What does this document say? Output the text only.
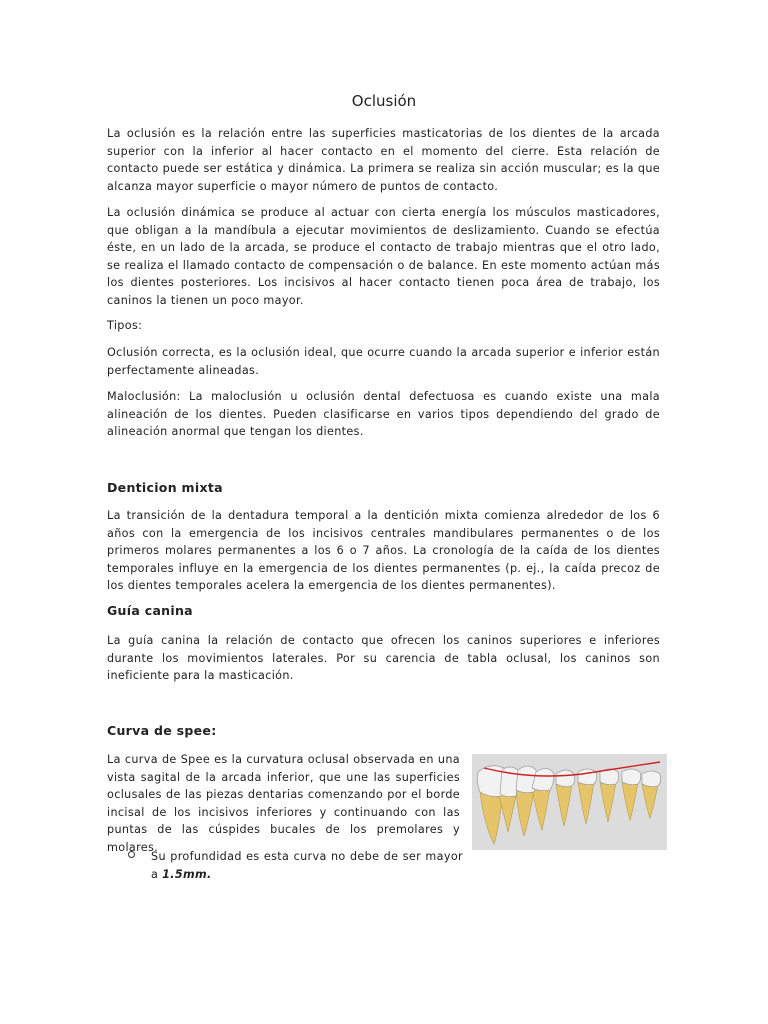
Oclusión

La oclusión es la relación entre las superficies masticatorias de los dientes de la arcada superior con la inferior al hacer contacto en el momento del cierre. Esta relación de contacto puede ser estática y dinámica. La primera se realiza sin acción muscular; es la que alcanza mayor superficie o mayor número de puntos de contacto.

La oclusión dinámica se produce al actuar con cierta energía los músculos masticadores, que obligan a la mandíbula a ejecutar movimientos de deslizamiento. Cuando se efectúa éste, en un lado de la arcada, se produce el contacto de trabajo mientras que el otro lado, se realiza el llamado contacto de compensación o de balance. En este momento actúan más los dientes posteriores. Los incisivos al hacer contacto tienen poca área de trabajo, los caninos la tienen un poco mayor.

Tipos:

Oclusión correcta, es la oclusión ideal, que ocurre cuando la arcada superior e inferior están perfectamente alineadas.

Maloclusión: La maloclusión u oclusión dental defectuosa es cuando existe una mala alineación de los dientes. Pueden clasificarse en varios tipos dependiendo del grado de alineación anormal que tengan los dientes.

Denticion mixta

La transición de la dentadura temporal a la dentición mixta comienza alrededor de los 6 años con la emergencia de los incisivos centrales mandibulares permanentes o de los primeros molares permanentes a los 6 o 7 años. La cronología de la caída de los dientes temporales influye en la emergencia de los dientes permanentes (p. ej., la caída precoz de los dientes temporales acelera la emergencia de los dientes permanentes).

Guía canina

La guía canina la relación de contacto que ofrecen los caninos superiores e inferiores durante los movimientos laterales. Por su carencia de tabla oclusal, los caninos son ineficiente para la masticación.

Curva de spee:

La curva de Spee es la curvatura oclusal observada en una vista sagital de la arcada inferior, que une las superficies oclusales de las piezas dentarias comenzando por el borde incisal de los incisivos inferiores y continuando con las puntas de las cúspides bucales de los premolares y molares.

Su profundidad es esta curva no debe de ser mayor a 1.5mm.
